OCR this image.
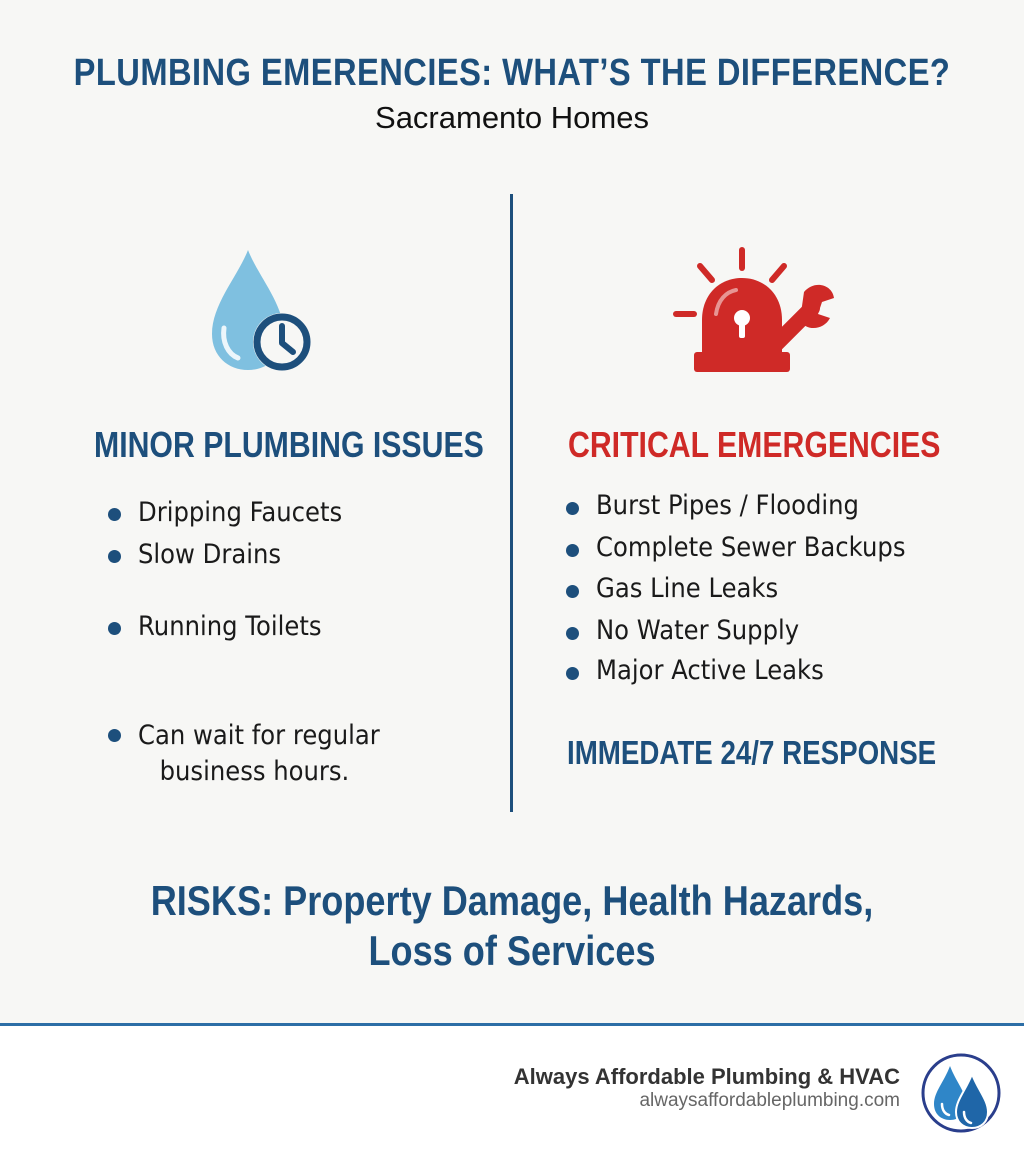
PLUMBING EMERENCIES: WHAT’S THE DIFFERENCE?
Sacramento Homes
MINOR PLUMBING ISSUES CRITICAL EMERGENCIES
Dripping Faucets
Slow Drains
Running Toilets
Can wait for regular
business hours.
Burst Pipes / Flooding
Complete Sewer Backups
Gas Line Leaks
No Water Supply
Major Active Leaks
IMMEDATE 24/7 RESPONSE
RISKS: Property Damage, Health Hazards,
Loss of Services
Always Affordable Plumbing & HVAC
alwaysaffordableplumbing.com
